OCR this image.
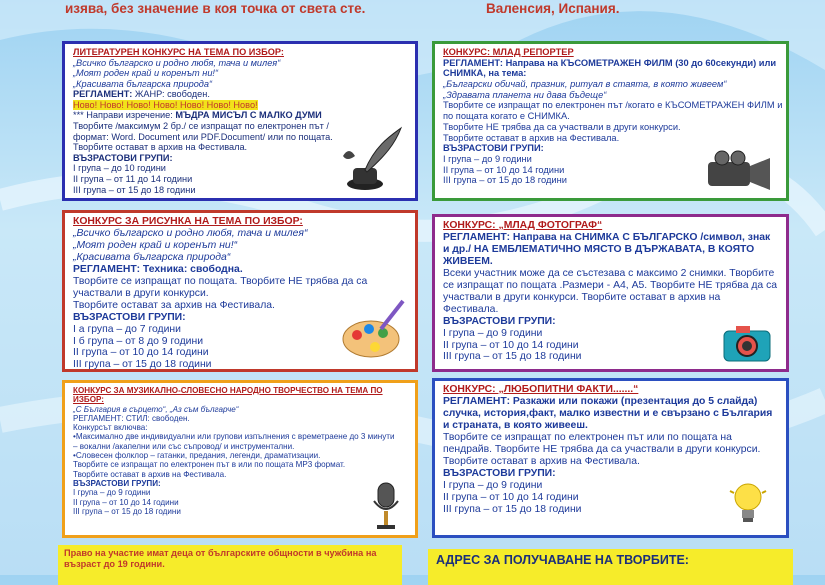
изява, без значение в коя точка от света сте.	Валенсия, Испания.

ЛИТЕРАТУРЕН КОНКУРС НА ТЕМА ПО ИЗБОР:

„Всичко българско и родно любя, тача и милея“

„Моят роден край и коренът ни!“

„Красивата българска природа“

РЕГЛАМЕНТ: ЖАНР: свободен.

Ново! Ново! Ново! Ново! Ново! Ново! Ново!

*** Направи изречение: МЪДРА МИСЪЛ С МАЛКО ДУМИ

Творбите /максимум 2 бр./ се изпращат по електронен път /формат: Word. Document или PDF.Document/ или по пощата.

Творбите остават в архив на Фестивала.

ВЪЗРАСТОВИ ГРУПИ:

I група – до 10 години

II група – от 11 до 14 години

III група – от 15 до 18 години

КОНКУРС: МЛАД РЕПОРТЕР

РЕГЛАМЕНТ: Направа на КЪСОМЕТРАЖЕН ФИЛМ (30 до 60секунди) или СНИМКА, на тема:

„Български обичай, празник, ритуал в стаята, в която живеем“

„Здравата планета ни дава бъдеще“

Творбите се изпращат по електронен път /когато е КЪСОМЕТРАЖЕН ФИЛМ и по пощата когато е СНИМКА.

Творбите НЕ трябва да са участвали в други конкурси.

Творбите остават в архив на Фестивала.

ВЪЗРАСТОВИ ГРУПИ:

I група – до 9 години

II група – от 10 до 14 години

III група – от 15 до 18 години

КОНКУРС ЗА РИСУНКА НА ТЕМА ПО ИЗБОР:

„Всичко българско и родно любя, тача и милея“

„Моят роден край и коренът ни!“

„Красивата българска природа“

РЕГЛАМЕНТ: Техника: свободна.

Творбите се изпращат по пощата. Творбите НЕ трябва да са участвали в други конкурси.

Творбите остават за архив на Фестивала.

ВЪЗРАСТОВИ ГРУПИ:

I а група – до 7 години

I б група – от 8 до 9 години

II група – от 10 до 14 години

III група – от 15 до 18 години

КОНКУРС: „МЛАД ФОТОГРАФ“

РЕГЛАМЕНТ: Направа на СНИМКА С БЪЛГАРСКО /символ, знак и др./ НА ЕМБЛЕМАТИЧНО МЯСТО В ДЪРЖАВАТА, В КОЯТО ЖИВЕЕМ.

Всеки участник може да се състезава с максимо 2 снимки. Творбите се изпращат по пощата .Размери - А4, А5. Творбите НЕ трябва да са участвали в други конкурси. Творбите остават в архив на Фестивала.

ВЪЗРАСТОВИ ГРУПИ:

I група – до 9 години

II група – от 10 до 14 години

III група – от 15 до 18 години

КОНКУРС ЗА МУЗИКАЛНО-СЛОВЕСНО НАРОДНО ТВОРЧЕСТВО НА ТЕМА ПО ИЗБОР:

„С България в сърцето“, „Аз съм българче“

РЕГЛАМЕНТ: СТИЛ: свободен.

Конкурсът включва:

•Максимално две индивидуални или групови изпълнения с времетраене до 3 минути – вокални /акапелни или със съпровод/ и инструментални.

•Словесен фолклор – гатанки, предания, легенди, драматизации.

Творбите се изпращат по електронен път в или по пощата MP3 формат. Творбите остават в архив на Фестивала.

ВЪЗРАСТОВИ ГРУПИ:

I група – до 9 години

II група – от 10 до 14 години

III група – от 15 до 18 години

КОНКУРС: „ЛЮБОПИТНИ ФАКТИ.......“

РЕГЛАМЕНТ: Разкажи или покажи (презентация до 5 слайда) случка, история,факт, малко известни и е свързано с България и страната, в която живееш.

Творбите се изпращат по електронен път или по пощата на пендрайв. Творбите НЕ трябва да са участвали в други конкурси. Творбите остават в архив на Фестивала.

ВЪЗРАСТОВИ ГРУПИ:

I група – до 9 години

II група – от 10 до 14 години

III група – от 15 до 18 години

Право на участие имат деца от българските общности в чужбина на възраст до 19 години.	АДРЕС ЗА ПОЛУЧАВАНЕ НА ТВОРБИТЕ:
